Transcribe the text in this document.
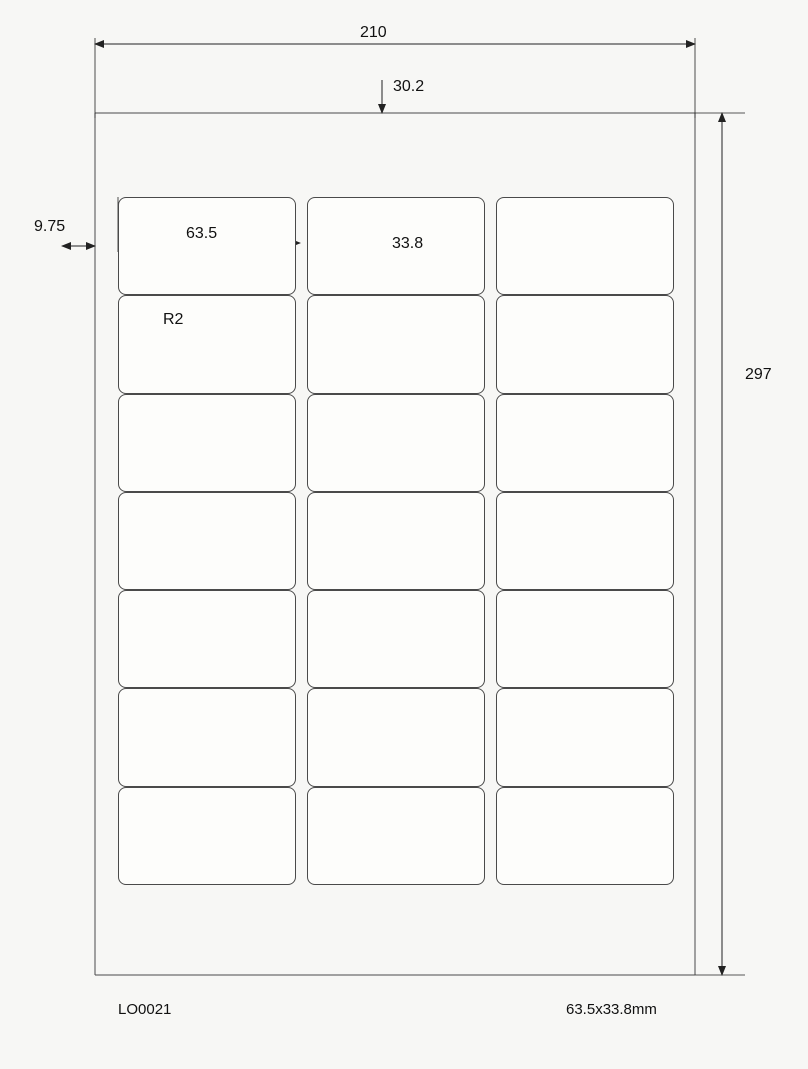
210
297
30.2
9.75	63.5
33.8
R2
LO0021	63.5x33.8mm
